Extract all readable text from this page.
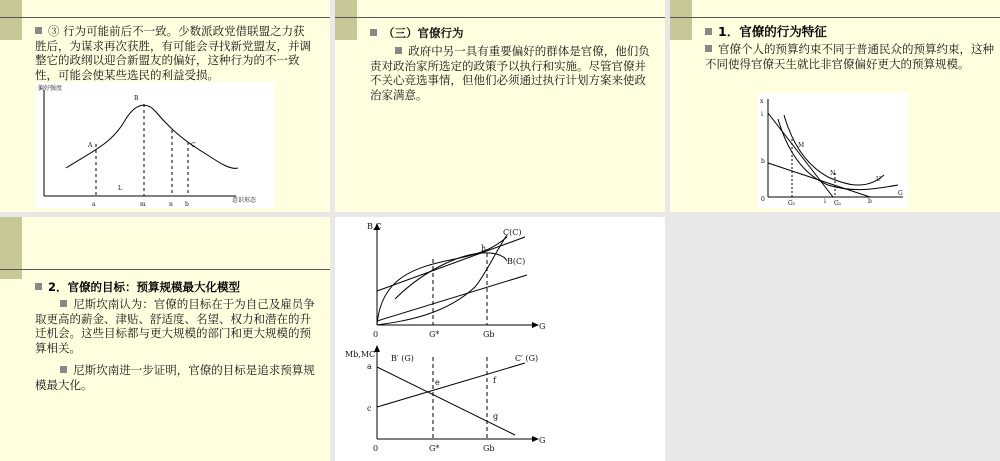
③ 行为可能前后不一致。少数派政党借联盟之力获胜后，为谋求再次获胜，有可能会寻找新党盟友，并调整它的政纲以迎合新盟友的偏好，这种行为的不一致性，可能会使某些选民的利益受损。
偏好强度
意识形态
B
A	C
L
a	m	n b
（三）官僚行为
政府中另一具有重要偏好的群体是官僚，他们负责对政治家所选定的政策予以执行和实施。尽管官僚并不关心竞选事情，但他们必须通过执行计划方案来使政治家满意。
1．官僚的行为特征
官僚个人的预算约束不同于普通民众的预算约束，这种不同使得官僚天生就比非官僚偏好更大的预算规模。
x
i
b
0
M
N
U
G
G1	i G2	b
2．官僚的目标：预算规模最大化模型
尼斯坎南认为：官僚的目标在于为自己及雇员争取更高的薪金、津贴、舒适度、名望、权力和潜在的升迁机会。这些目标都与更大规模的部门和更大规模的预算相关。
尼斯坎南进一步证明，官僚的目标是追求预算规模最大化。
B,C
C(C)
B(C)
h
0	G*	Gb
G
Mb,MC B′ (G)	C′ (G)
a
c
e	f
g
0	G*	Gb
G
